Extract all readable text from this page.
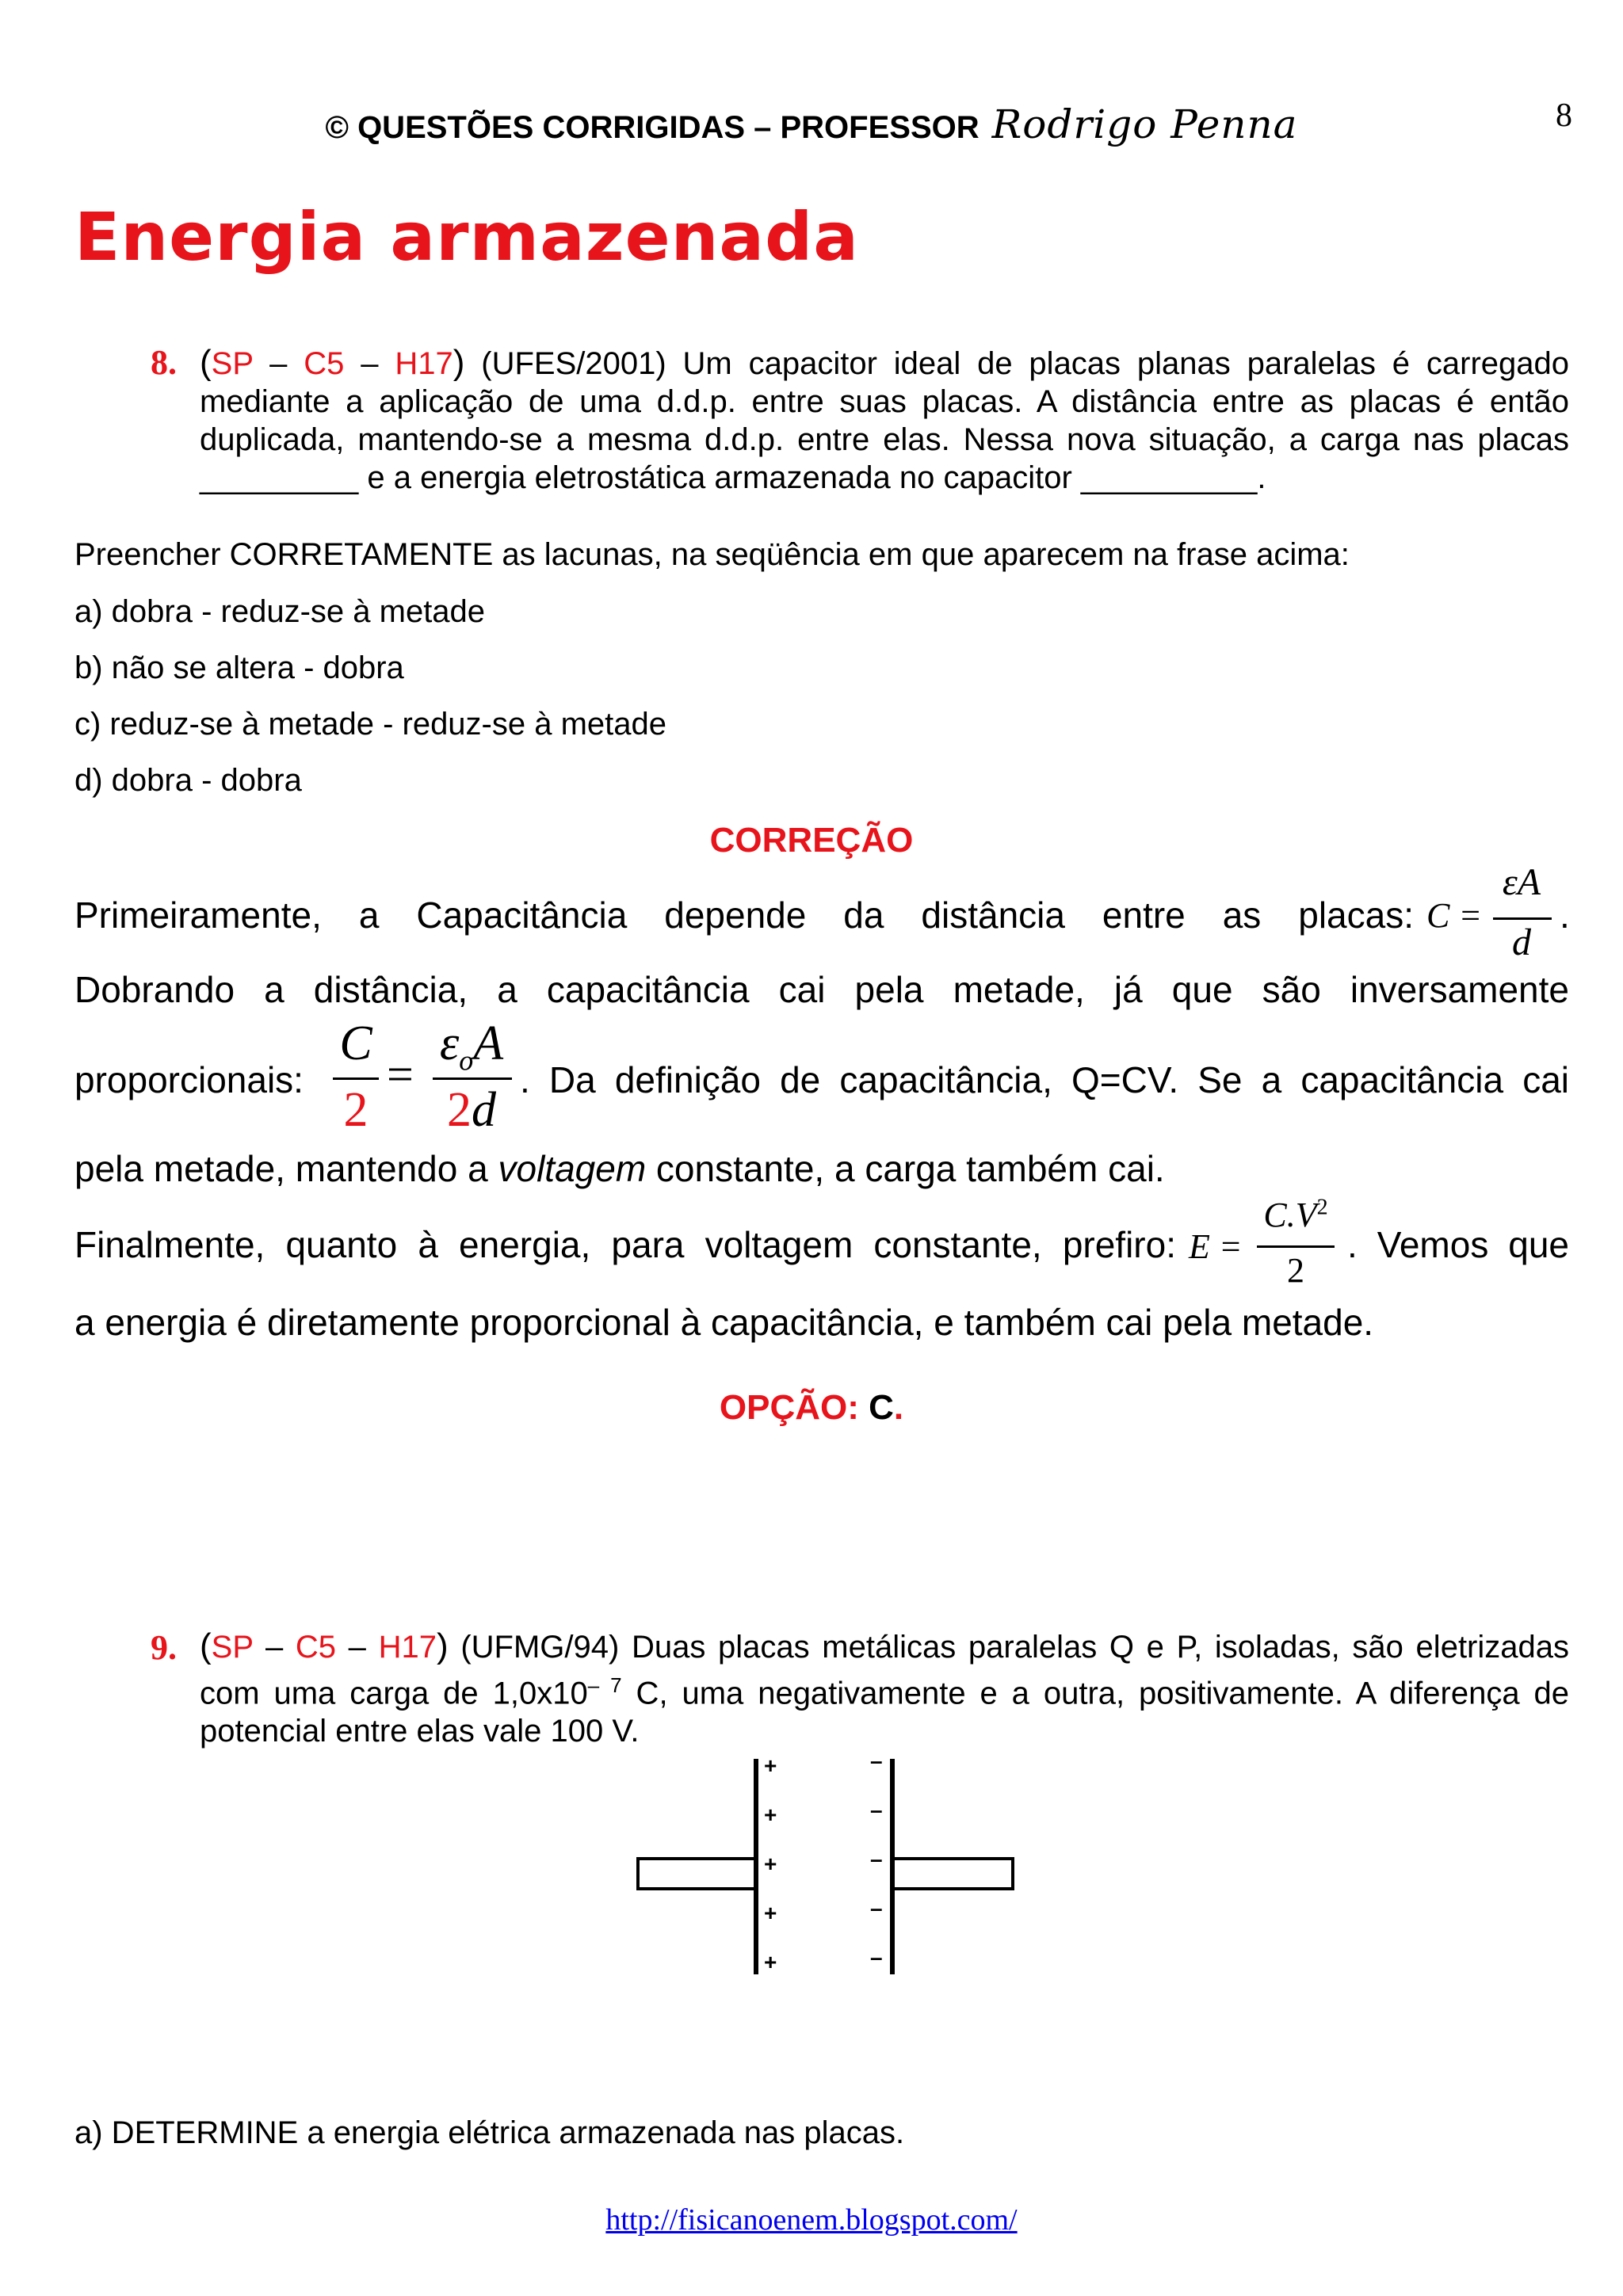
© QUESTÕES CORRIGIDAS – PROFESSOR Rodrigo Penna	8
Energia armazenada
8. (SP – C5 – H17) (UFES/2001) Um capacitor ideal de placas planas paralelas é carregado mediante a aplicação de uma d.d.p. entre suas placas. A distância entre as placas é então duplicada, mantendo-se a mesma d.d.p. entre elas. Nessa nova situação, a carga nas placas _________ e a energia eletrostática armazenada no capacitor __________.
Preencher CORRETAMENTE as lacunas, na seqüência em que aparecem na frase acima:
a) dobra - reduz-se à metade
b) não se altera - dobra
c) reduz-se à metade - reduz-se à metade
d) dobra - dobra
CORREÇÃO
Primeiramente, a Capacitância depende da distância entre as placas: C =
εA
d
.
Dobrando a distância, a capacitância cai pela metade, já que são inversamente
proporcionais:
C
2
=
$\varepsilon_oA$
2d
. Da definição de capacitância, Q=CV. Se a capacitância cai
pela metade, mantendo a voltagem constante, a carga também cai.
Finalmente, quanto à energia, para voltagem constante, prefiro: E =
$C.V^2$
2
. Vemos que
a energia é diretamente proporcional à capacitância, e também cai pela metade.
OPÇÃO: C.
9. (SP – C5 – H17) (UFMG/94) Duas placas metálicas paralelas Q e P, isoladas, são eletrizadas com uma carga de $1,0x10^{- 7}$ C, uma negativamente e a outra, positivamente. A diferença de potencial entre elas vale 100 V.
+	–
+	–
+	–
+	–
+	–
a) DETERMINE a energia elétrica armazenada nas placas.
http://fisicanoenem.blogspot.com/
